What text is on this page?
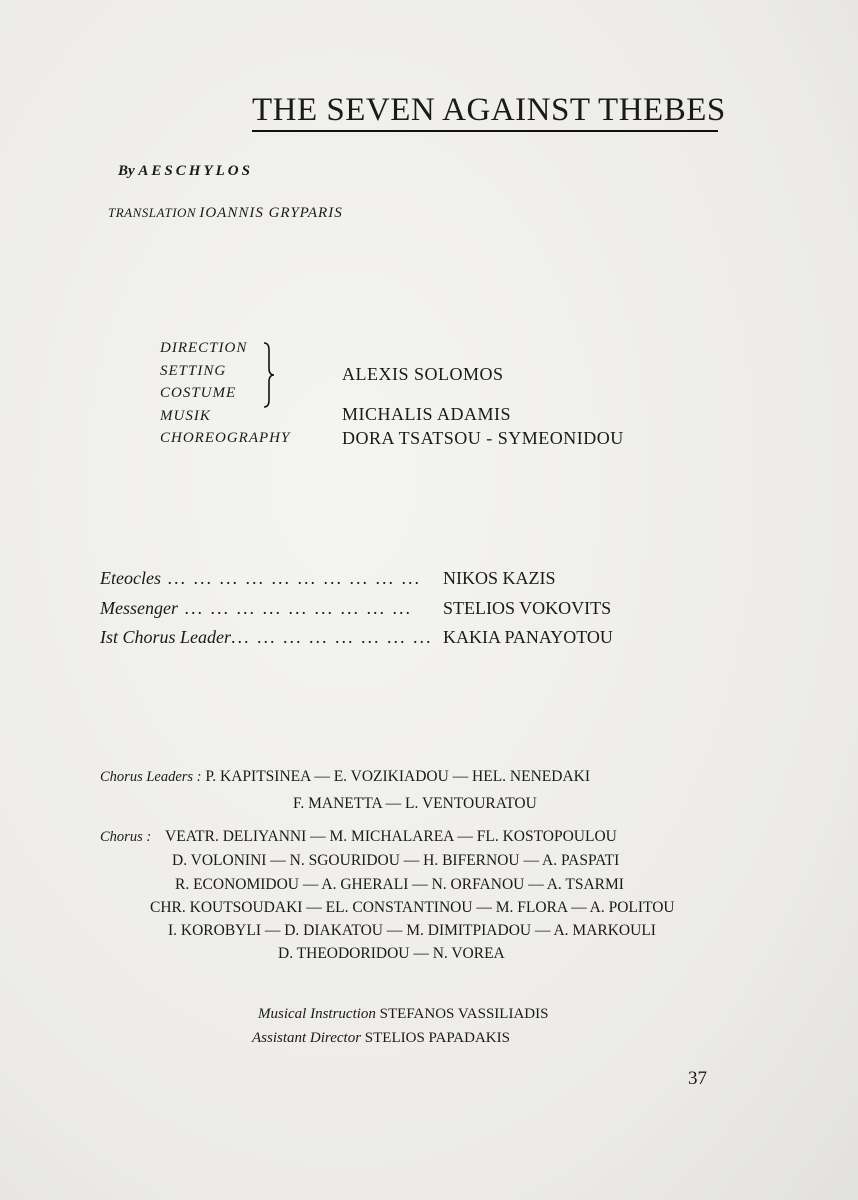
THE SEVEN AGAINST THEBES
By AESCHYLOS
TRANSLATION IOANNIS GRYPARIS
DIRECTION
SETTING
COSTUME
MUSIK
CHOREOGRAPHY
ALEXIS SOLOMOS
MICHALIS ADAMIS
DORA TSATSOU - SYMEONIDOU
Eteocles ... ... ... ... ... ... ... ... ... ... NIKOS KAZIS
Messenger ... ... ... ... ... ... ... ... ... STELIOS VOKOVITS
Ist Chorus Leader... ... ... ... ... ... ... ... KAKIA PANAYOTOU
Chorus Leaders : P. KAPITSINEA — E. VOZIKIADOU — HEL. NENEDAKI
F. MANETTA — L. VENTOURATOU
Chorus : VEATR. DELIYANNI — M. MICHALAREA — FL. KOSTOPOULOU
D. VOLONINI — N. SGOURIDOU — H. BIFERNOU — A. PASPATI
R. ECONOMIDOU — A. GHERALI — N. ORFANOU — A. TSARMI
CHR. KOUTSOUDAKI — EL. CONSTANTINOU — M. FLORA — A. POLITOU
I. KOROBYLI — D. DIAKATOU — M. DIMITPIADOU — A. MARKOULI
D. THEODORIDOU — N. VOREA
Musical Instruction STEFANOS VASSILIADIS
Assistant Director STELIOS PAPADAKIS
37
